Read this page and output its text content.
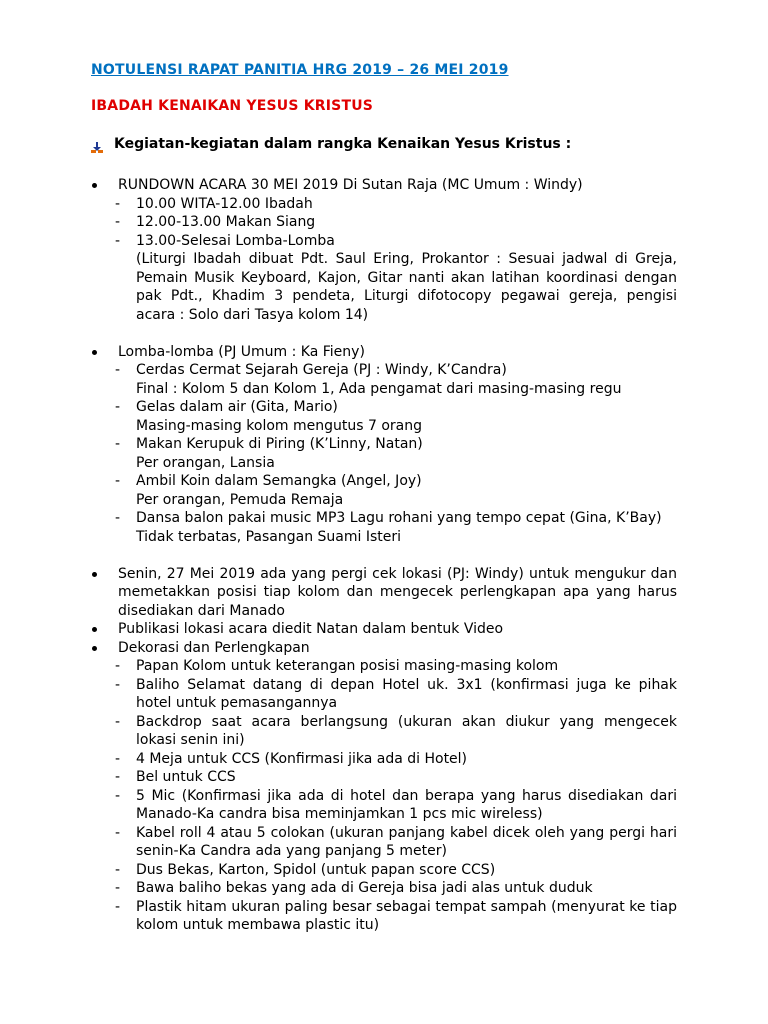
NOTULENSI RAPAT PANITIA HRG 2019 – 26 MEI 2019
IBADAH KENAIKAN YESUS KRISTUS
Kegiatan-kegiatan dalam rangka Kenaikan Yesus Kristus :
RUNDOWN ACARA 30 MEI 2019 Di Sutan Raja (MC Umum : Windy)
- 10.00 WITA-12.00 Ibadah
- 12.00-13.00 Makan Siang
- 13.00-Selesai Lomba-Lomba
(Liturgi Ibadah dibuat Pdt. Saul Ering, Prokantor : Sesuai jadwal di Greja, Pemain Musik Keyboard, Kajon, Gitar nanti akan latihan koordinasi dengan pak Pdt., Khadim 3 pendeta, Liturgi difotocopy pegawai gereja, pengisi acara : Solo dari Tasya kolom 14)
Lomba-lomba (PJ Umum : Ka Fieny)
- Cerdas Cermat Sejarah Gereja (PJ : Windy, K’Candra)
Final : Kolom 5 dan Kolom 1, Ada pengamat dari masing-masing regu
- Gelas dalam air (Gita, Mario)
Masing-masing kolom mengutus 7 orang
- Makan Kerupuk di Piring (K’Linny, Natan)
Per orangan, Lansia
- Ambil Koin dalam Semangka (Angel, Joy)
Per orangan, Pemuda Remaja
- Dansa balon pakai music MP3 Lagu rohani yang tempo cepat (Gina, K’Bay)
Tidak terbatas, Pasangan Suami Isteri
Senin, 27 Mei 2019 ada yang pergi cek lokasi (PJ: Windy) untuk mengukur dan
memetakkan posisi tiap kolom dan mengecek perlengkapan apa yang harus
disediakan dari Manado
Publikasi lokasi acara diedit Natan dalam bentuk Video
Dekorasi dan Perlengkapan
- Papan Kolom untuk keterangan posisi masing-masing kolom
- Baliho Selamat datang di depan Hotel uk. 3x1 (konfirmasi juga ke pihak hotel untuk pemasangannya
- Backdrop saat acara berlangsung (ukuran akan diukur yang mengecek lokasi senin ini)
- 4 Meja untuk CCS (Konfirmasi jika ada di Hotel)
- Bel untuk CCS
- 5 Mic (Konfirmasi jika ada di hotel dan berapa yang harus disediakan dari Manado-Ka candra bisa meminjamkan 1 pcs mic wireless)
- Kabel roll 4 atau 5 colokan (ukuran panjang kabel dicek oleh yang pergi hari senin-Ka Candra ada yang panjang 5 meter)
- Dus Bekas, Karton, Spidol (untuk papan score CCS)
- Bawa baliho bekas yang ada di Gereja bisa jadi alas untuk duduk
- Plastik hitam ukuran paling besar sebagai tempat sampah (menyurat ke tiap kolom untuk membawa plastic itu)
